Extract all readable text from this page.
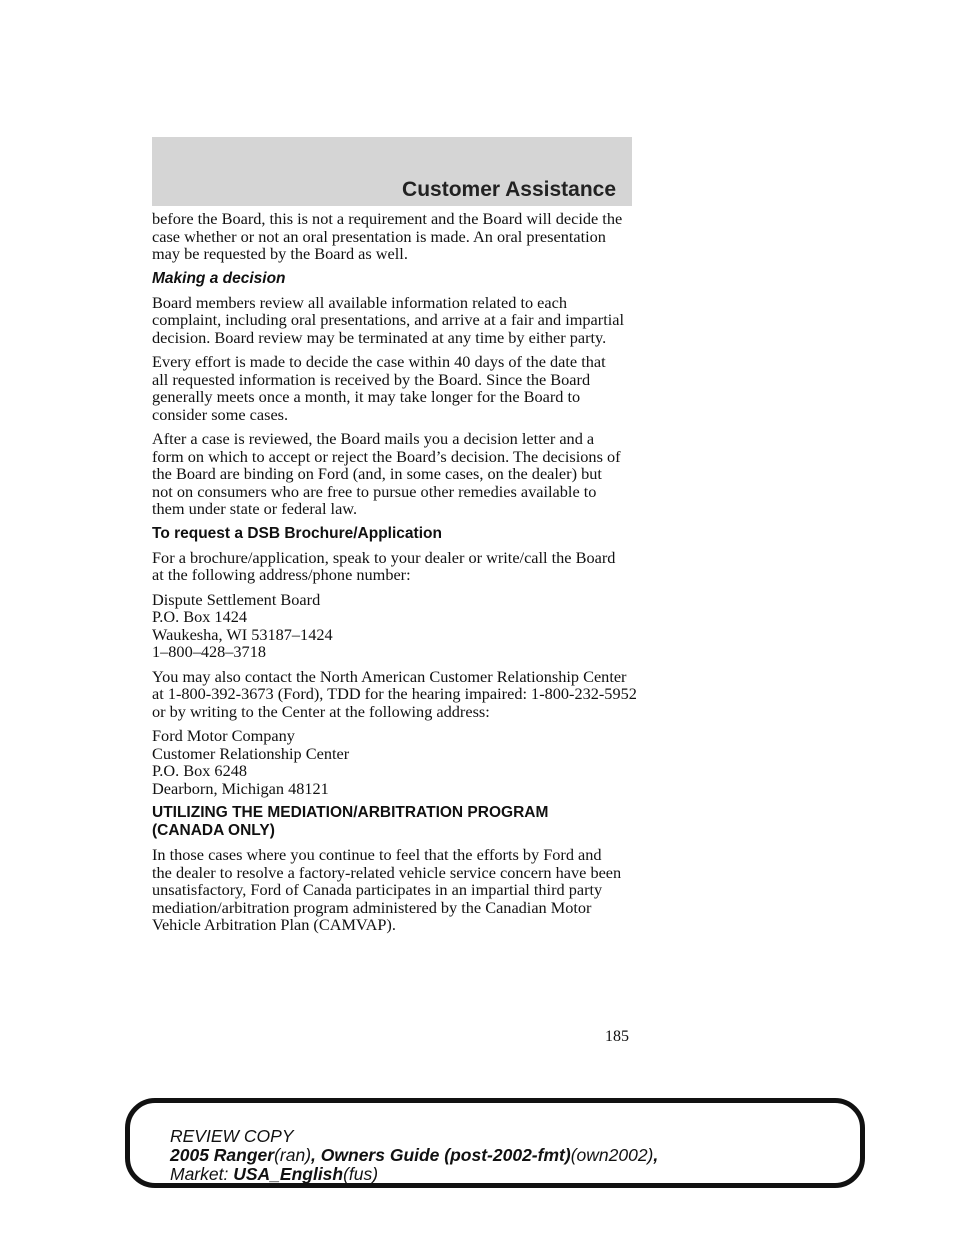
Customer Assistance

before the Board, this is not a requirement and the Board will decide the
case whether or not an oral presentation is made. An oral presentation
may be requested by the Board as well.

Making a decision

Board members review all available information related to each
complaint, including oral presentations, and arrive at a fair and impartial
decision. Board review may be terminated at any time by either party.

Every effort is made to decide the case within 40 days of the date that
all requested information is received by the Board. Since the Board
generally meets once a month, it may take longer for the Board to
consider some cases.

After a case is reviewed, the Board mails you a decision letter and a
form on which to accept or reject the Board’s decision. The decisions of
the Board are binding on Ford (and, in some cases, on the dealer) but
not on consumers who are free to pursue other remedies available to
them under state or federal law.

To request a DSB Brochure/Application

For a brochure/application, speak to your dealer or write/call the Board
at the following address/phone number:

Dispute Settlement Board
P.O. Box 1424
Waukesha, WI 53187–1424
1–800–428–3718

You may also contact the North American Customer Relationship Center
at 1-800-392-3673 (Ford), TDD for the hearing impaired: 1-800-232-5952
or by writing to the Center at the following address:

Ford Motor Company
Customer Relationship Center
P.O. Box 6248
Dearborn, Michigan 48121

UTILIZING THE MEDIATION/ARBITRATION PROGRAM
(CANADA ONLY)

In those cases where you continue to feel that the efforts by Ford and
the dealer to resolve a factory-related vehicle service concern have been
unsatisfactory, Ford of Canada participates in an impartial third party
mediation/arbitration program administered by the Canadian Motor
Vehicle Arbitration Plan (CAMVAP).

185
REVIEW COPY
2005 Ranger(ran), Owners Guide (post-2002-fmt)(own2002),
Market: USA_English(fus)
